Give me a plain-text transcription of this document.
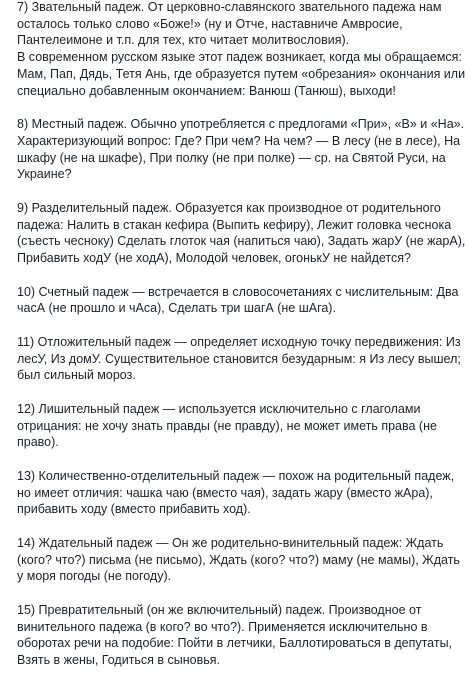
7) Звательный падеж. От церковно-славянского звательного падежа нам осталось только слово «Боже!» (ну и Отче, наставниче Амвросие, Пантелеимоне и т.п. для тех, кто читает молитвословия).
В современном русском языке этот падеж возникает, когда мы обращаемся: Мам, Пап, Дядь, Тетя Ань, где образуется путем «обрезания» окончания или специально добавленным окончанием: Ванюш (Танюш), выходи!

8) Местный падеж. Обычно употребляется с предлогами «При», «В» и «На». Характеризующий вопрос: Где? При чем? На чем? — В лесу (не в лесе), На шкафу (не на шкафе), При полку (не при полке) — ср. на Святой Руси, на Украине?

9) Разделительный падеж. Образуется как производное от родительного падежа: Налить в стакан кефира (Выпить кефиру), Лежит головка чеснока (съесть чесноку) Сделать глоток чая (напиться чаю), Задать жарУ (не жарА), Прибавить ходУ (не ходА), Молодой человек, огонькУ не найдется?

10) Счетный падеж — встречается в словосочетаниях с числительным: Два часА (не прошло и чАса), Сделать три шагА (не шАга).

11) Отложительный падеж — определяет исходную точку передвижения: Из лесУ, Из домУ. Существительное становится безударным: я Из лесу вышел; был сильный мороз.

12) Лишительный падеж — используется исключительно с глаголами отрицания: не хочу знать правды (не правду), не может иметь права (не право).

13) Количественно-отделительный падеж — похож на родительный падеж, но имеет отличия: чашка чаю (вместо чая), задать жару (вместо жАра), прибавить ходу (вместо прибавить ход).

14) Ждательный падеж — Он же родительно-винительный падеж: Ждать (кого? что?) письма (не письмо), Ждать (кого? что?) маму (не мамы), Ждать у моря погоды (не погоду).

15) Превратительный (он же включительный) падеж. Производное от винительного падежа (в кого? во что?). Применяется исключительно в оборотах речи на подобие: Пойти в летчики, Баллотироваться в депутаты, Взять в жены, Годиться в сыновья.
